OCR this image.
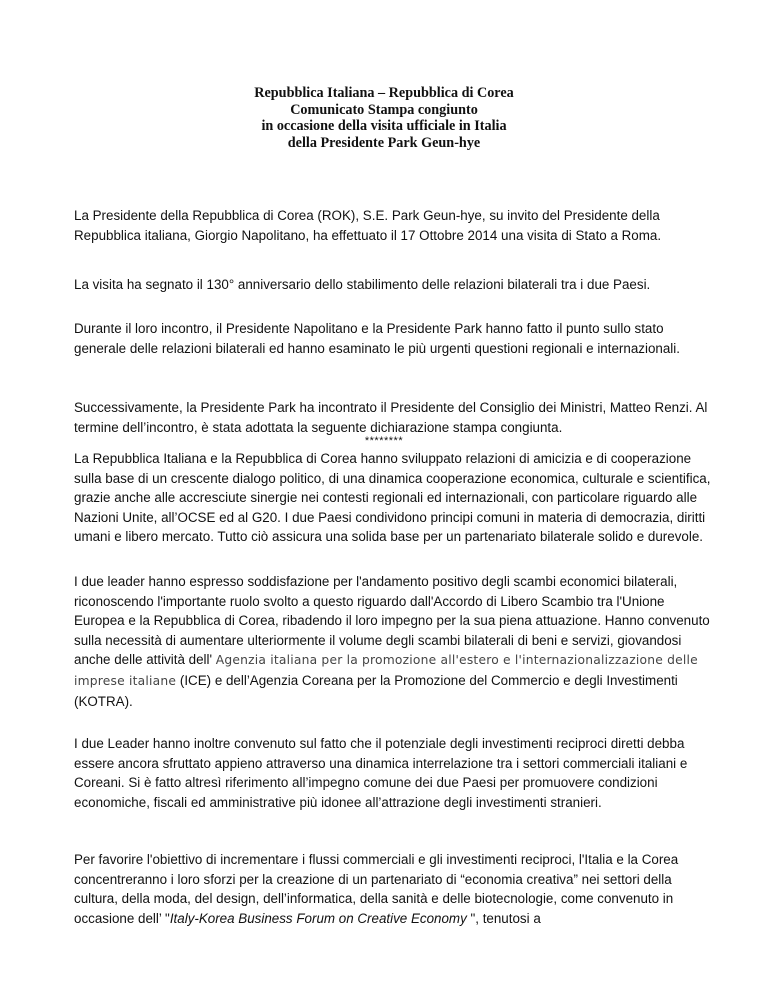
Repubblica Italiana – Repubblica di Corea
Comunicato Stampa congiunto
in occasione della visita ufficiale in Italia
della Presidente Park Geun-hye
La Presidente della Repubblica di Corea (ROK), S.E. Park Geun-hye, su invito del Presidente della Repubblica italiana, Giorgio Napolitano, ha effettuato il 17 Ottobre 2014 una visita di Stato a Roma.
La visita ha segnato il 130° anniversario dello stabilimento delle relazioni bilaterali tra i due Paesi.
Durante il loro incontro, il Presidente Napolitano e la Presidente Park hanno fatto il punto sullo stato generale delle relazioni bilaterali ed hanno esaminato le più urgenti questioni regionali e internazionali.
Successivamente, la Presidente Park ha incontrato il Presidente del Consiglio dei Ministri, Matteo Renzi. Al termine dell’incontro, è stata adottata la seguente dichiarazione stampa congiunta.
********
La Repubblica Italiana e la Repubblica di Corea hanno sviluppato relazioni di amicizia e di cooperazione sulla base di un crescente dialogo politico, di una dinamica cooperazione economica, culturale e scientifica, grazie anche alle accresciute sinergie nei contesti regionali ed internazionali, con particolare riguardo alle Nazioni Unite, all’OCSE ed al G20. I due Paesi condividono principi comuni in materia di democrazia, diritti umani e libero mercato. Tutto ciò assicura una solida base per un partenariato bilaterale solido e durevole.
I due leader hanno espresso soddisfazione per l'andamento positivo degli scambi economici bilaterali, riconoscendo l'importante ruolo svolto a questo riguardo dall'Accordo di Libero Scambio tra l'Unione Europea e la Repubblica di Corea, ribadendo il loro impegno per la sua piena attuazione. Hanno convenuto sulla necessità di aumentare ulteriormente il volume degli scambi bilaterali di beni e servizi, giovandosi anche delle attività dell' Agenzia italiana per la promozione all'estero e l'internazionalizzazione delle imprese italiane (ICE) e dell’Agenzia Coreana per la Promozione del Commercio e degli Investimenti (KOTRA).
I due Leader hanno inoltre convenuto sul fatto che il potenziale degli investimenti reciproci diretti debba essere ancora sfruttato appieno attraverso una dinamica interrelazione tra i settori commerciali italiani e Coreani. Si è fatto altresì riferimento all’impegno comune dei due Paesi per promuovere condizioni economiche, fiscali ed amministrative più idonee all’attrazione degli investimenti stranieri.
Per favorire l'obiettivo di incrementare i flussi commerciali e gli investimenti reciproci, l'Italia e la Corea concentreranno i loro sforzi per la creazione di un partenariato di “economia creativa” nei settori della cultura, della moda, del design, dell’informatica, della sanità e delle biotecnologie, come convenuto in occasione dell’ "Italy-Korea Business Forum on Creative Economy ", tenutosi a
